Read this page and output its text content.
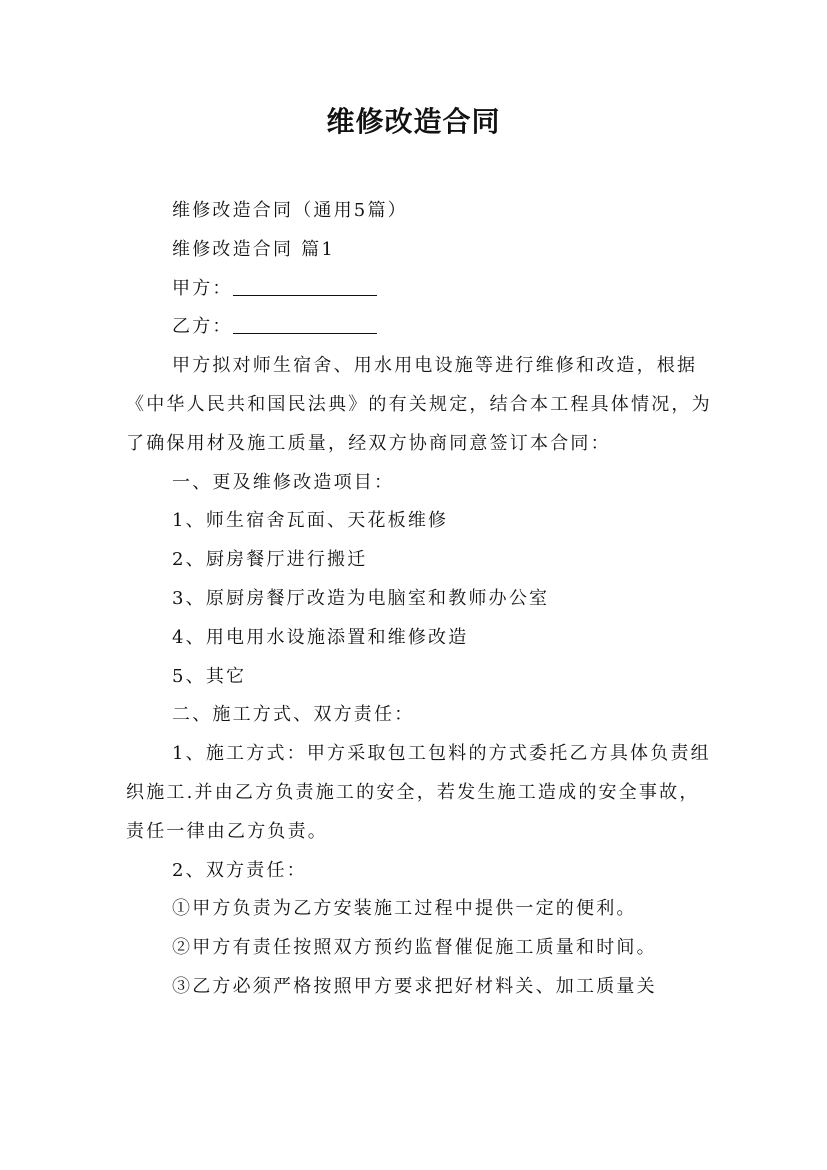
维修改造合同

维修改造合同（通用5篇）

维修改造合同 篇1

甲方：

乙方：

甲方拟对师生宿舍、用水用电设施等进行维修和改造，根据《中华人民共和国民法典》的有关规定，结合本工程具体情况，为了确保用材及施工质量，经双方协商同意签订本合同：

一、更及维修改造项目：

1、师生宿舍瓦面、天花板维修

2、厨房餐厅进行搬迁

3、原厨房餐厅改造为电脑室和教师办公室

4、用电用水设施添置和维修改造

5、其它

二、施工方式、双方责任：

1、施工方式：甲方采取包工包料的方式委托乙方具体负责组织施工.并由乙方负责施工的安全，若发生施工造成的安全事故，责任一律由乙方负责。

2、双方责任：

①甲方负责为乙方安装施工过程中提供一定的便利。

②甲方有责任按照双方预约监督催促施工质量和时间。

③乙方必须严格按照甲方要求把好材料关、加工质量关
